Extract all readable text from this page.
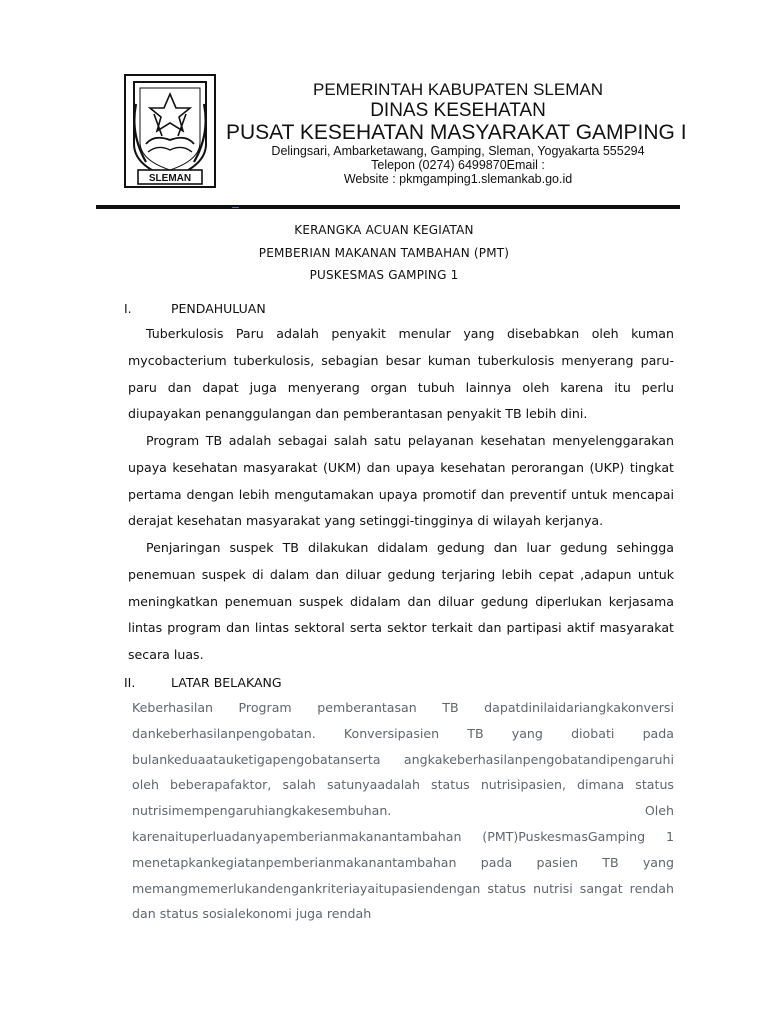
SLEMAN
PEMERINTAH KABUPATEN SLEMAN
DINAS KESEHATAN
PUSAT KESEHATAN MASYARAKAT GAMPING I
Delingsari, Ambarketawang, Gamping, Sleman, Yogyakarta 555294
Telepon (0274) 6499870Email :
Website : pkmgamping1.slemankab.go.id
KERANGKA ACUAN KEGIATAN
PEMBERIAN MAKANAN TAMBAHAN (PMT)
PUSKESMAS GAMPING 1
I.	PENDAHULUAN
Tuberkulosis Paru adalah penyakit menular yang disebabkan oleh kuman mycobacterium tuberkulosis, sebagian besar kuman tuberkulosis menyerang paru-paru dan dapat juga menyerang organ tubuh lainnya oleh karena itu perlu diupayakan penanggulangan dan pemberantasan penyakit TB lebih dini.
Program TB adalah sebagai salah satu pelayanan kesehatan menyelenggarakan upaya kesehatan masyarakat (UKM) dan upaya kesehatan perorangan (UKP) tingkat pertama dengan lebih mengutamakan upaya promotif dan preventif untuk mencapai derajat kesehatan masyarakat yang setinggi-tingginya di wilayah kerjanya.
Penjaringan suspek TB dilakukan didalam gedung dan luar gedung sehingga penemuan suspek di dalam dan diluar gedung terjaring lebih cepat ,adapun untuk meningkatkan penemuan suspek didalam dan diluar gedung diperlukan kerjasama lintas program dan lintas sektoral serta sektor terkait dan partipasi aktif masyarakat secara luas.
II.	LATAR BELAKANG
Keberhasilan Program pemberantasan TB dapatdinilaidariangkakonversi
dankeberhasilanpengobatan. Konversipasien TB yang diobati pada
bulankeduaatauketigapengobatanserta angkakeberhasilanpengobatandipengaruhi
oleh beberapafaktor, salah satunyaadalah status nutrisipasien, dimana status
nutrisimempengaruhiangkakesembuhan. Oleh
karenaituperluadanyapemberianmakanantambahan (PMT)PuskesmasGamping 1
menetapkankegiatanpemberianmakanantambahan pada pasien TB yang
memangmemerlukandengankriteriayaitupasiendengan status nutrisi sangat rendah
dan status sosialekonomi juga rendah
